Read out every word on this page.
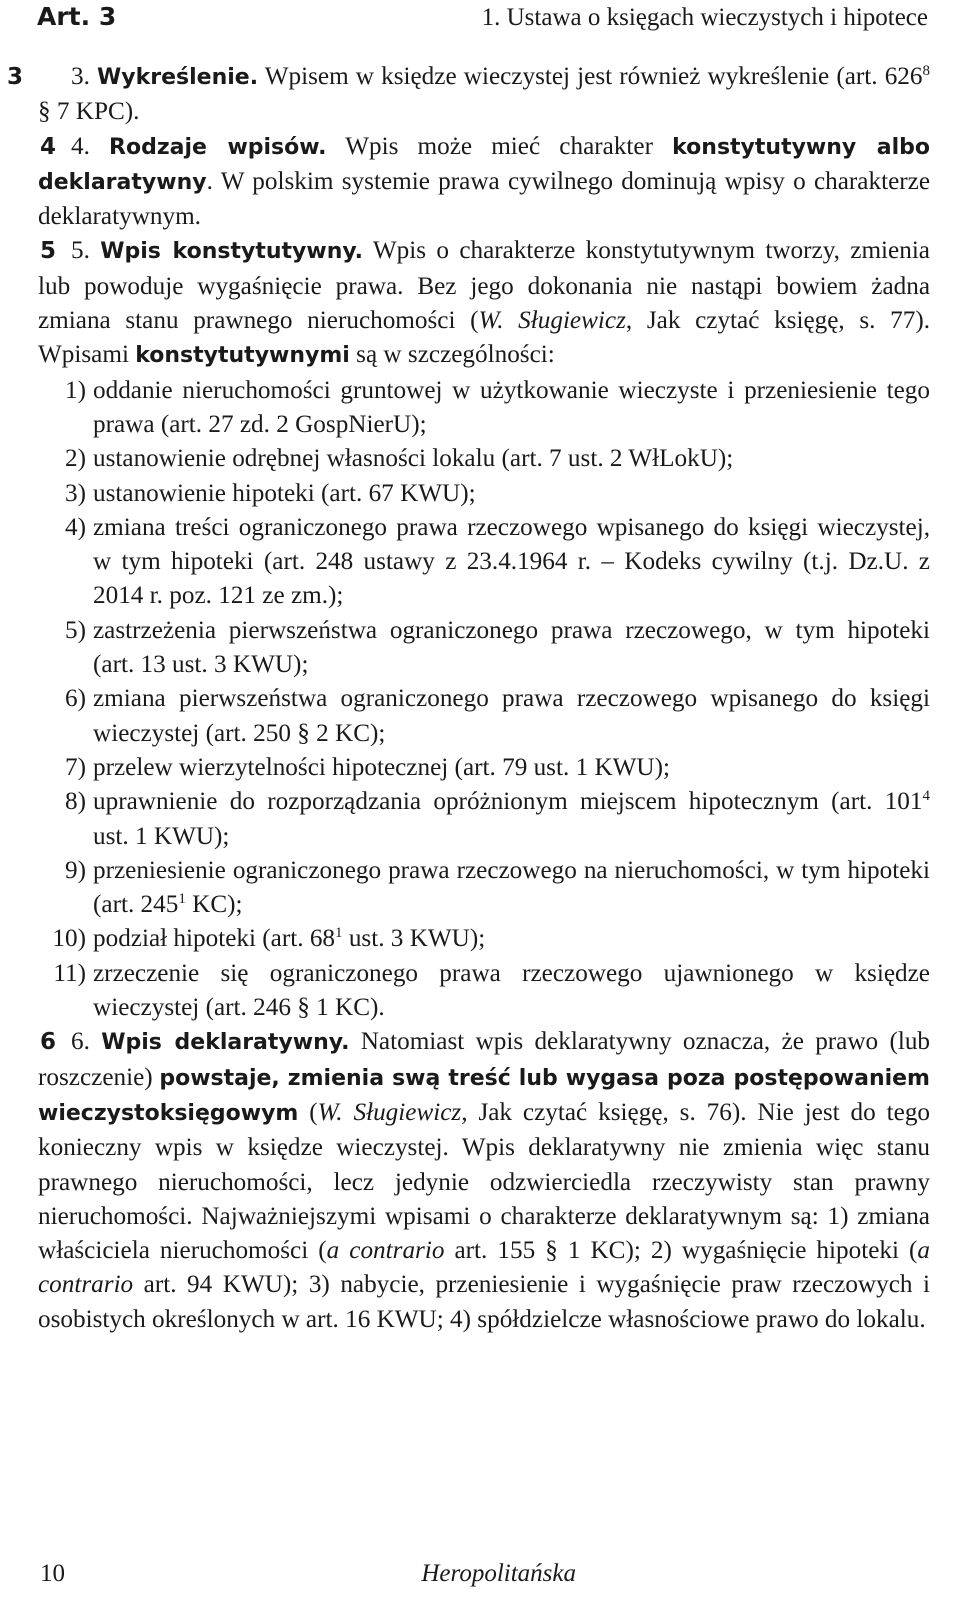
Art. 3	1. Ustawa o księgach wieczystych i hipotece

3 3. Wykreślenie. Wpisem w księdze wieczystej jest również wykreślenie (art. $626^8$ § 7 KPC).

4 4. Rodzaje wpisów. Wpis może mieć charakter konstytutywny albo deklaratywny. W polskim systemie prawa cywilnego dominują wpisy o charakterze deklaratywnym.

5 5. Wpis konstytutywny. Wpis o charakterze konstytutywnym tworzy, zmienia lub powoduje wygaśnięcie prawa. Bez jego dokonania nie nastąpi bowiem żadna zmiana stanu prawnego nieruchomości (W. Sługiewicz, Jak czytać księgę, s. 77). Wpisami konstytutywnymi są w szczególności:

1) oddanie nieruchomości gruntowej w użytkowanie wieczyste i przeniesienie tego prawa (art. 27 zd. 2 GospNierU);
2) ustanowienie odrębnej własności lokalu (art. 7 ust. 2 WłLokU);
3) ustanowienie hipoteki (art. 67 KWU);
4) zmiana treści ograniczonego prawa rzeczowego wpisanego do księgi wieczystej, w tym hipoteki (art. 248 ustawy z 23.4.1964 r. – Kodeks cywilny (t.j. Dz.U. z 2014 r. poz. 121 ze zm.);
5) zastrzeżenia pierwszeństwa ograniczonego prawa rzeczowego, w tym hipoteki (art. 13 ust. 3 KWU);
6) zmiana pierwszeństwa ograniczonego prawa rzeczowego wpisanego do księgi wieczystej (art. 250 § 2 KC);
7) przelew wierzytelności hipotecznej (art. 79 ust. 1 KWU);
8) uprawnienie do rozporządzania opróżnionym miejscem hipotecznym (art. $101^4$ ust. 1 KWU);
9) przeniesienie ograniczonego prawa rzeczowego na nieruchomości, w tym hipoteki (art. $245^1$ KC);
10) podział hipoteki (art. $68^1$ ust. 3 KWU);
11) zrzeczenie się ograniczonego prawa rzeczowego ujawnionego w księdze wieczystej (art. 246 § 1 KC).

6 6. Wpis deklaratywny. Natomiast wpis deklaratywny oznacza, że prawo (lub roszczenie) powstaje, zmienia swą treść lub wygasa poza postępowaniem wieczystoksięgowym (W. Sługiewicz, Jak czytać księgę, s. 76). Nie jest do tego konieczny wpis w księdze wieczystej. Wpis deklaratywny nie zmienia więc stanu prawnego nieruchomości, lecz jedynie odzwierciedla rzeczywisty stan prawny nieruchomości. Najważniejszymi wpisami o charakterze deklaratywnym są: 1) zmiana właściciela nieruchomości (a contrario art. 155 § 1 KC); 2) wygaśnięcie hipoteki (a contrario art. 94 KWU); 3) nabycie, przeniesienie i wygaśnięcie praw rzeczowych i osobistych określonych w art. 16 KWU; 4) spółdzielcze własnościowe prawo do lokalu.

10	Heropolitańska
